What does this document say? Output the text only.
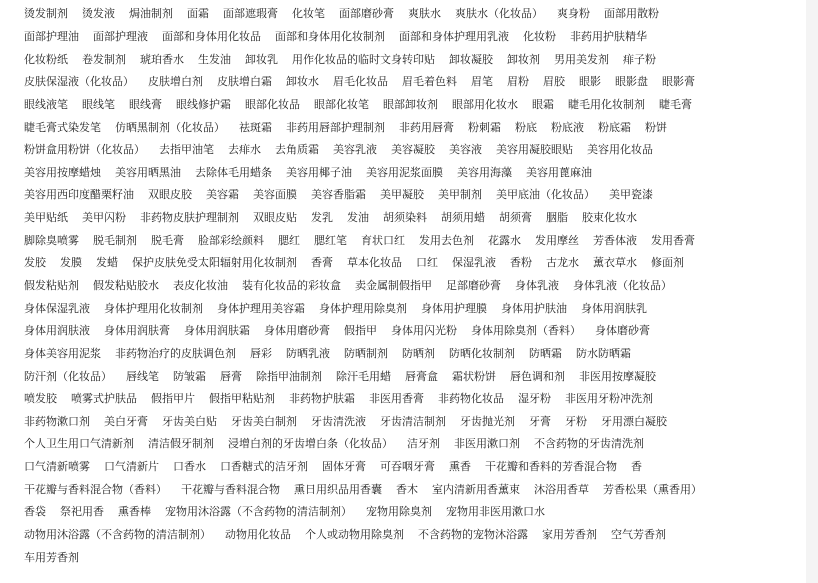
烫发制剂 烫发液 焗油制剂 面霜 面部遮瑕膏 化妆笔 面部磨砂膏 爽肤水 爽肤水（化妆品） 爽身粉 面部用散粉
面部护理油 面部护理液 面部和身体用化妆品 面部和身体用化妆制剂 面部和身体护理用乳液 化妆粉 非药用护肤精华
化妆粉纸 卷发制剂 琥珀香水 生发油 卸妆乳 用作化妆品的临时文身转印贴 卸妆凝胶 卸妆剂 男用美发剂 痱子粉
皮肤保湿液（化妆品） 皮肤增白剂 皮肤增白霜 卸妆水 眉毛化妆品 眉毛着色料 眉笔 眉粉 眉胶 眼影 眼影盘 眼影膏
眼线液笔 眼线笔 眼线膏 眼线修护霜 眼部化妆品 眼部化妆笔 眼部卸妆剂 眼部用化妆水 眼霜 睫毛用化妆制剂 睫毛膏
睫毛膏式染发笔 仿晒黑制剂（化妆品） 祛斑霜 非药用唇部护理制剂 非药用唇膏 粉刺霜 粉底 粉底液 粉底霜 粉饼
粉饼盒用粉饼（化妆品） 去指甲油笔 去痱水 去角质霜 美容乳液 美容凝胶 美容液 美容用凝胶眼贴 美容用化妆品
美容用按摩蜡烛 美容用晒黑油 去除体毛用蜡条 美容用椰子油 美容用泥浆面膜 美容用海藻 美容用蓖麻油
美容用西印度醋栗籽油 双眼皮胶 美容霜 美容面膜 美容香脂霜 美甲凝胶 美甲制剂 美甲底油（化妆品） 美甲瓷漆
美甲贴纸 美甲闪粉 非药物皮肤护理制剂 双眼皮贴 发乳 发油 胡须染料 胡须用蜡 胡须膏 胭脂 胶束化妆水
脚除臭喷雾 脱毛制剂 脱毛膏 脸部彩绘颜料 腮红 腮红笔 育状口红 发用去色剂 花露水 发用摩丝 芳香体液 发用香膏
发胶 发膜 发蜡 保护皮肤免受太阳辐射用化妆制剂 香膏 草本化妆品 口红 保湿乳液 香粉 古龙水 薰衣草水 修面剂
假发粘贴剂 假发粘贴胶水 表皮化妆油 装有化妆品的彩妆盒 卖金属制假指甲 足部磨砂膏 身体乳液 身体乳液（化妆品）
身体保湿乳液 身体护理用化妆制剂 身体护理用美容霜 身体护理用除臭剂 身体用护理膜 身体用护肤油 身体用润肤乳
身体用润肤液 身体用润肤膏 身体用润肤霜 身体用磨砂膏 假指甲 身体用闪光粉 身体用除臭剂（香料） 身体磨砂膏
身体美容用泥浆 非药物治疗的皮肤调色剂 唇彩 防晒乳液 防晒制剂 防晒剂 防晒化妆制剂 防晒霜 防水防晒霜
防汗剂（化妆品） 唇线笔 防皱霜 唇膏 除指甲油制剂 除汗毛用蜡 唇膏盒 霜状粉饼 唇色调和剂 非医用按摩凝胶
喷发胶 喷雾式护肤品 假指甲片 假指甲粘贴剂 非药物护肤霜 非医用香膏 非药物化妆品 湿牙粉 非医用牙粉冲洗剂
非药物漱口剂 美白牙膏 牙齿美白贴 牙齿美白制剂 牙齿清洗液 牙齿清洁制剂 牙齿抛光剂 牙膏 牙粉 牙用漂白凝胶
个人卫生用口气清新剂 清洁假牙制剂 浸增白剂的牙齿增白条（化妆品） 洁牙剂 非医用漱口剂 不含药物的牙齿清洗剂
口气清新喷雾 口气清新片 口香水 口香糖式的洁牙剂 固体牙膏 可吞咽牙膏 熏香 干花瓣和香料的芳香混合物 香
干花瓣与香料混合物（香料） 干花瓣与香料混合物 熏日用织品用香囊 香木 室内清新用香薰束 沐浴用香草 芳香松果（熏香用）
香袋 祭祀用香 熏香棒 宠物用沐浴露（不含药物的清洁制剂） 宠物用除臭剂 宠物用非医用漱口水
动物用沐浴露（不含药物的清洁制剂） 动物用化妆品 个人或动物用除臭剂 不含药物的宠物沐浴露 家用芳香剂 空气芳香剂
车用芳香剂
